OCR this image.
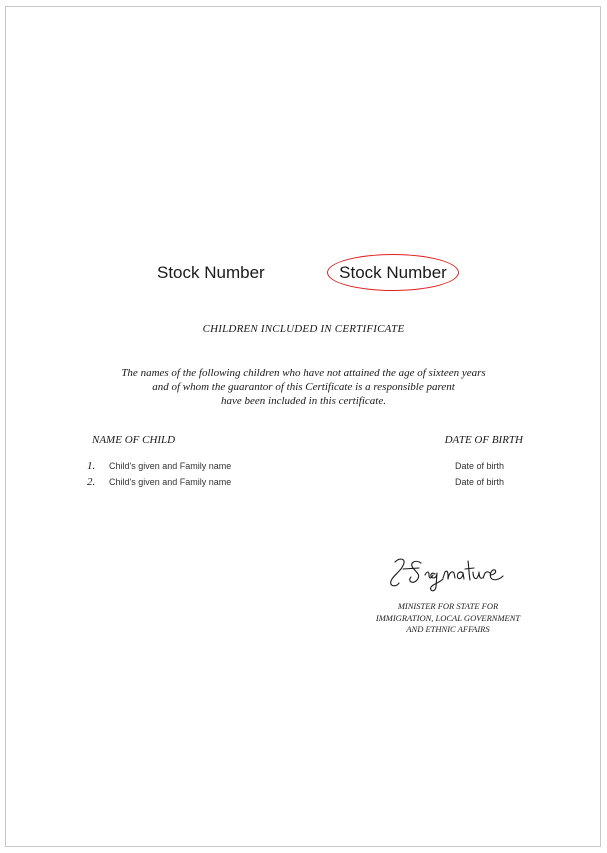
Stock Number	Stock Number
CHILDREN INCLUDED IN CERTIFICATE
The names of the following children who have not attained the age of sixteen years
and of whom the guarantor of this Certificate is a responsible parent
have been included in this certificate.
NAME OF CHILD	DATE OF BIRTH
1. Child's given and Family name	Date of birth
2. Child's given and Family name	Date of birth
MINISTER FOR STATE FOR
IMMIGRATION, LOCAL GOVERNMENT
AND ETHNIC AFFAIRS
